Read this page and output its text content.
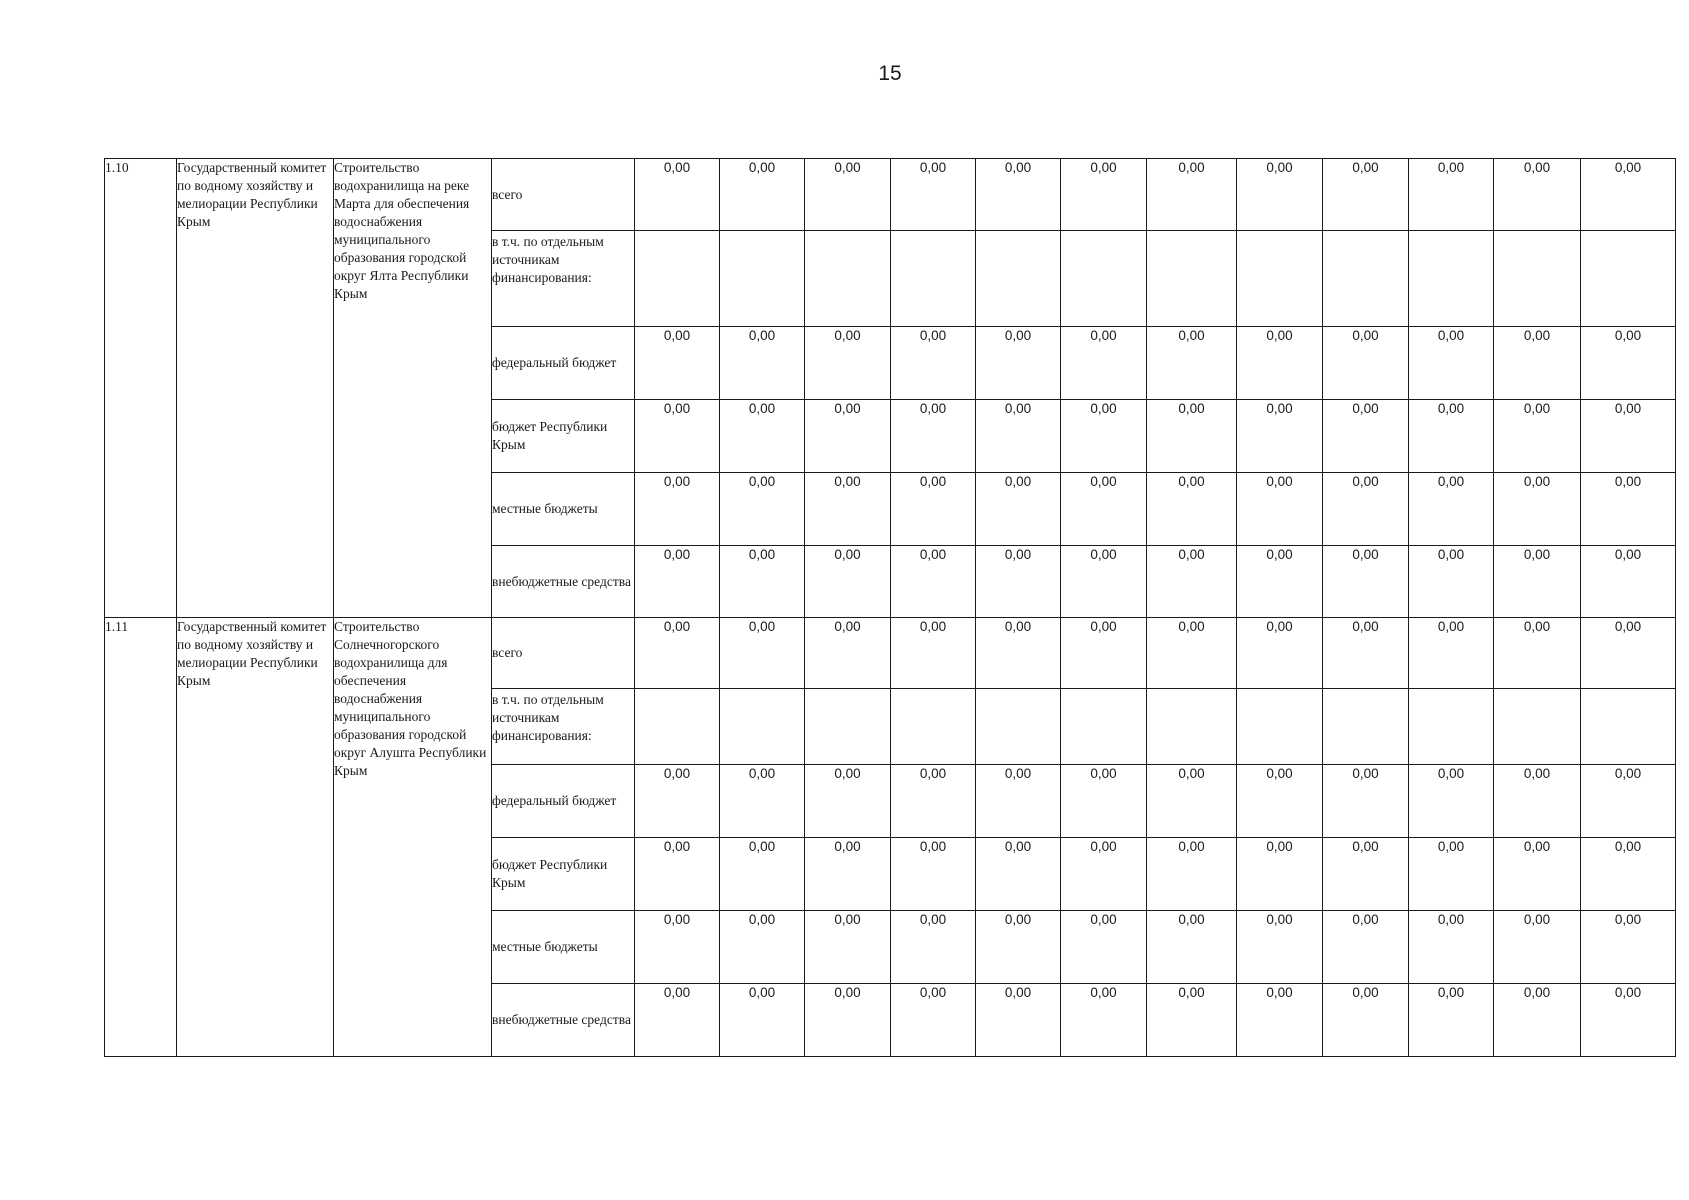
15
1.10	Государственный комитет по водному хозяйству и мелиорации Республики Крым	Строительство водохранилища на реке Марта для обеспечения водоснабжения муниципального образования городской округ Ялта Республики Крым	всего	0,00	0,00	0,00	0,00	0,00	0,00	0,00	0,00	0,00	0,00	0,00	0,00
			в т.ч. по отдельным источникам финансирования:												
			федеральный бюджет	0,00	0,00	0,00	0,00	0,00	0,00	0,00	0,00	0,00	0,00	0,00	0,00
			бюджет Республики Крым	0,00	0,00	0,00	0,00	0,00	0,00	0,00	0,00	0,00	0,00	0,00	0,00
			местные бюджеты	0,00	0,00	0,00	0,00	0,00	0,00	0,00	0,00	0,00	0,00	0,00	0,00
			внебюджетные средства	0,00	0,00	0,00	0,00	0,00	0,00	0,00	0,00	0,00	0,00	0,00	0,00
1.11	Государственный комитет по водному хозяйству и мелиорации Республики Крым	Строительство Солнечногорского водохранилища для обеспечения водоснабжения муниципального образования городской округ Алушта Республики Крым	всего	0,00	0,00	0,00	0,00	0,00	0,00	0,00	0,00	0,00	0,00	0,00	0,00
			в т.ч. по отдельным источникам финансирования:												
			федеральный бюджет	0,00	0,00	0,00	0,00	0,00	0,00	0,00	0,00	0,00	0,00	0,00	0,00
			бюджет Республики Крым	0,00	0,00	0,00	0,00	0,00	0,00	0,00	0,00	0,00	0,00	0,00	0,00
			местные бюджеты	0,00	0,00	0,00	0,00	0,00	0,00	0,00	0,00	0,00	0,00	0,00	0,00
			внебюджетные средства	0,00	0,00	0,00	0,00	0,00	0,00	0,00	0,00	0,00	0,00	0,00	0,00
